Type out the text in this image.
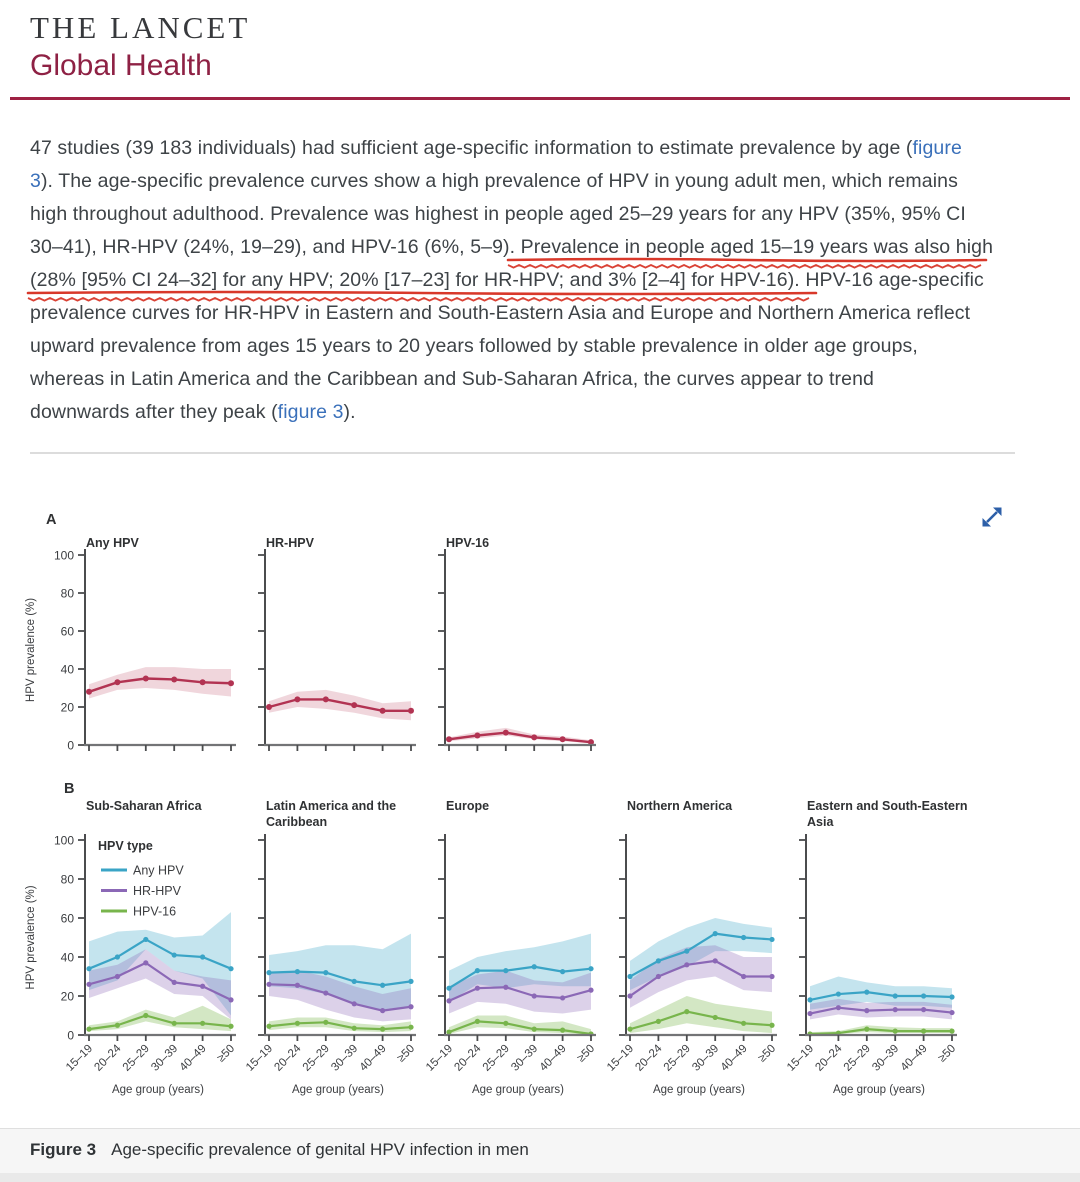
THE LANCET
Global Health
47 studies (39 183 individuals) had sufficient age-specific information to estimate prevalence by age (figure
3). The age-specific prevalence curves show a high prevalence of HPV in young adult men, which remains
high throughout adulthood. Prevalence was highest in people aged 25–29 years for any HPV (35%, 95% CI
30–41), HR-HPV (24%, 19–29), and HPV-16 (6%, 5–9). Prevalence in people aged 15–19 years was also high
(28% [95% CI 24–32] for any HPV; 20% [17–23] for HR-HPV; and 3% [2–4] for HPV-16). HPV-16 age-specific
prevalence curves for HR-HPV in Eastern and South-Eastern Asia and Europe and Northern America reflect
upward prevalence from ages 15 years to 20 years followed by stable prevalence in older age groups,
whereas in Latin America and the Caribbean and Sub-Saharan Africa, the curves appear to trend
downwards after they peak (figure 3).
A
HPV prevalence (%)
Any HPV
0
20
40
60
80
100
HR-HPV	HPV-16
B
HPV prevalence (%)
Sub-Saharan Africa
0
20
40
60
80
100
15–19
20–24
25–29
30–39
40–49 ≥50
Age group (years)
HPV type
Any HPV
HR-HPV
HPV-16
Latin America and the
Caribbean
15–19
20–24
25–29
30–39
40–49 ≥50
Age group (years)
Europe
15–19
20–24
25–29
30–39
40–49 ≥50
Age group (years)
Northern America
15–19
20–24
25–29
30–39
40–49 ≥50
Age group (years)
Eastern and South-Eastern
Asia
15–19
20–24
25–29
30–39
40–49 ≥50
Age group (years)
Figure 3 Age-specific prevalence of genital HPV infection in men
